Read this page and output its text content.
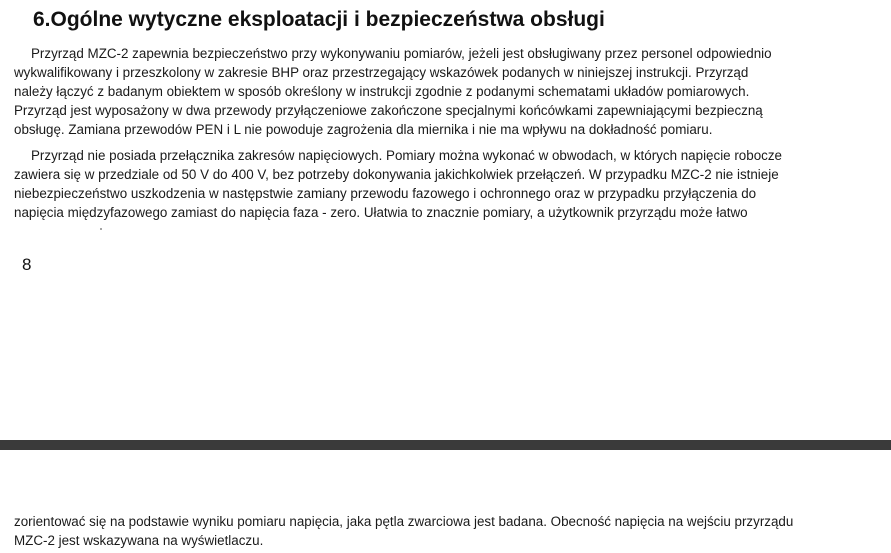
6.Ogólne wytyczne eksploatacji i bezpieczeństwa obsługi

Przyrząd MZC-2 zapewnia bezpieczeństwo przy wykonywaniu pomiarów, jeżeli jest obsługiwany przez personel odpowiednio
wykwalifikowany i przeszkolony w zakresie BHP oraz przestrzegający wskazówek podanych w niniejszej instrukcji. Przyrząd
należy łączyć z badanym obiektem w sposób określony w instrukcji zgodnie z podanymi schematami układów pomiarowych.
Przyrząd jest wyposażony w dwa przewody przyłączeniowe zakończone specjalnymi końcówkami zapewniającymi bezpieczną
obsługę. Zamiana przewodów PEN i L nie powoduje zagrożenia dla miernika i nie ma wpływu na dokładność pomiaru.

Przyrząd nie posiada przełącznika zakresów napięciowych. Pomiary można wykonać w obwodach, w których napięcie robocze
zawiera się w przedziale od 50 V do 400 V, bez potrzeby dokonywania jakichkolwiek przełączeń. W przypadku MZC-2 nie istnieje
niebezpieczeństwo uszkodzenia w następstwie zamiany przewodu fazowego i ochronnego oraz w przypadku przyłączenia do
napięcia międzyfazowego zamiast do napięcia faza - zero. Ułatwia to znacznie pomiary, a użytkownik przyrządu może łatwo

8

zorientować się na podstawie wyniku pomiaru napięcia, jaka pętla zwarciowa jest badana. Obecność napięcia na wejściu przyrządu
MZC-2 jest wskazywana na wyświetlaczu.
